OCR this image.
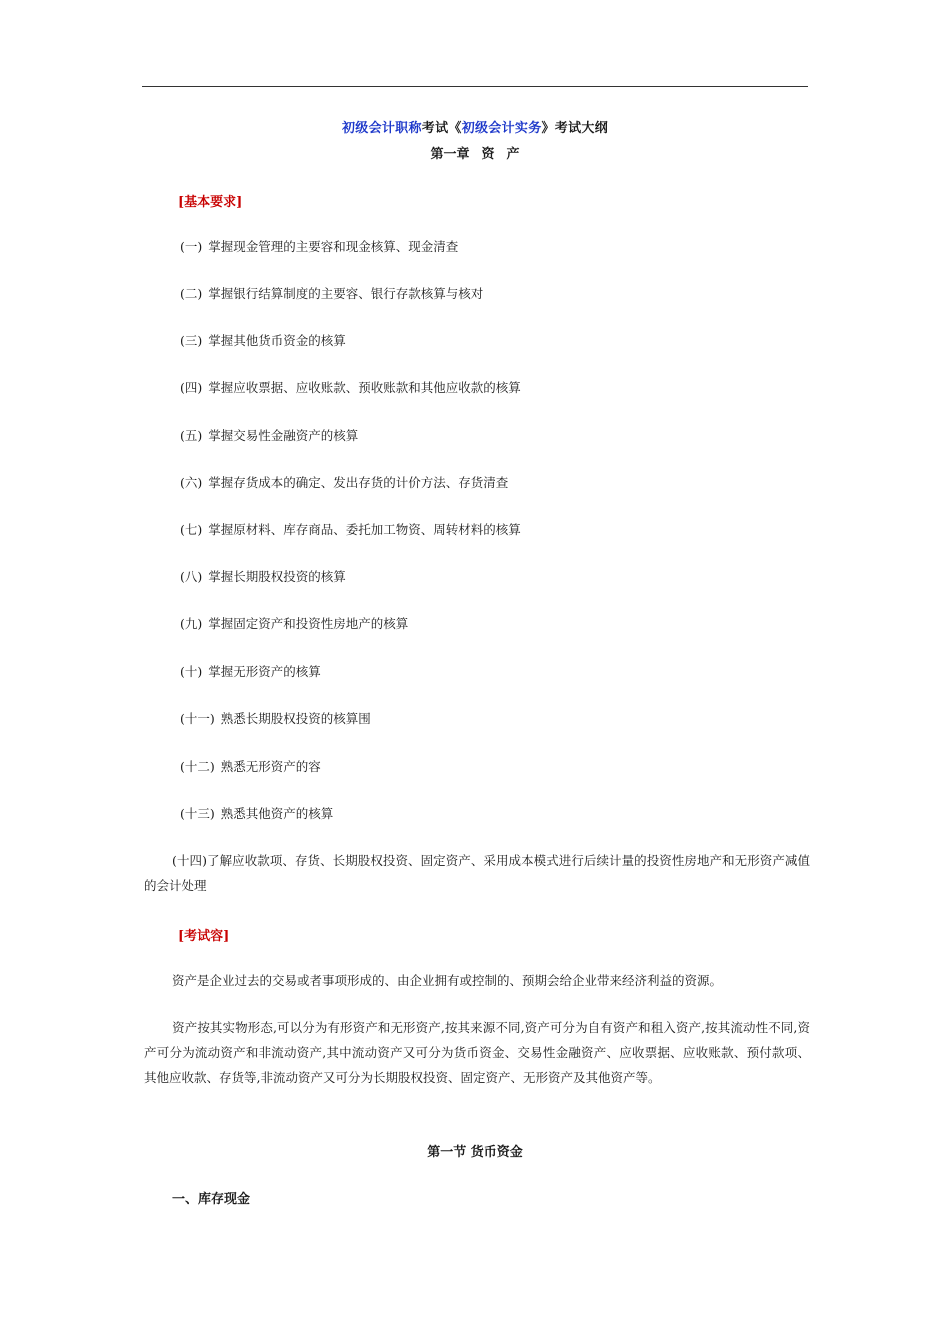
初级会计职称考试《初级会计实务》考试大纲
第一章 资 产
[基本要求]
(一) 掌握现金管理的主要容和现金核算、现金清查
(二) 掌握银行结算制度的主要容、银行存款核算与核对
(三) 掌握其他货币资金的核算
(四) 掌握应收票据、应收账款、预收账款和其他应收款的核算
(五) 掌握交易性金融资产的核算
(六) 掌握存货成本的确定、发出存货的计价方法、存货清查
(七) 掌握原材料、库存商品、委托加工物资、周转材料的核算
(八) 掌握长期股权投资的核算
(九) 掌握固定资产和投资性房地产的核算
(十) 掌握无形资产的核算
(十一) 熟悉长期股权投资的核算围
(十二) 熟悉无形资产的容
(十三) 熟悉其他资产的核算
(十四)了解应收款项、存货、长期股权投资、固定资产、采用成本模式进行后续计量的投资性房地产和无形资产减值的会计处理
[考试容]
资产是企业过去的交易或者事项形成的、由企业拥有或控制的、预期会给企业带来经济利益的资源。
资产按其实物形态,可以分为有形资产和无形资产,按其来源不同,资产可分为自有资产和租入资产,按其流动性不同,资产可分为流动资产和非流动资产,其中流动资产又可分为货币资金、交易性金融资产、应收票据、应收账款、预付款项、其他应收款、存货等,非流动资产又可分为长期股权投资、固定资产、无形资产及其他资产等。
第一节 货币资金
一、库存现金
